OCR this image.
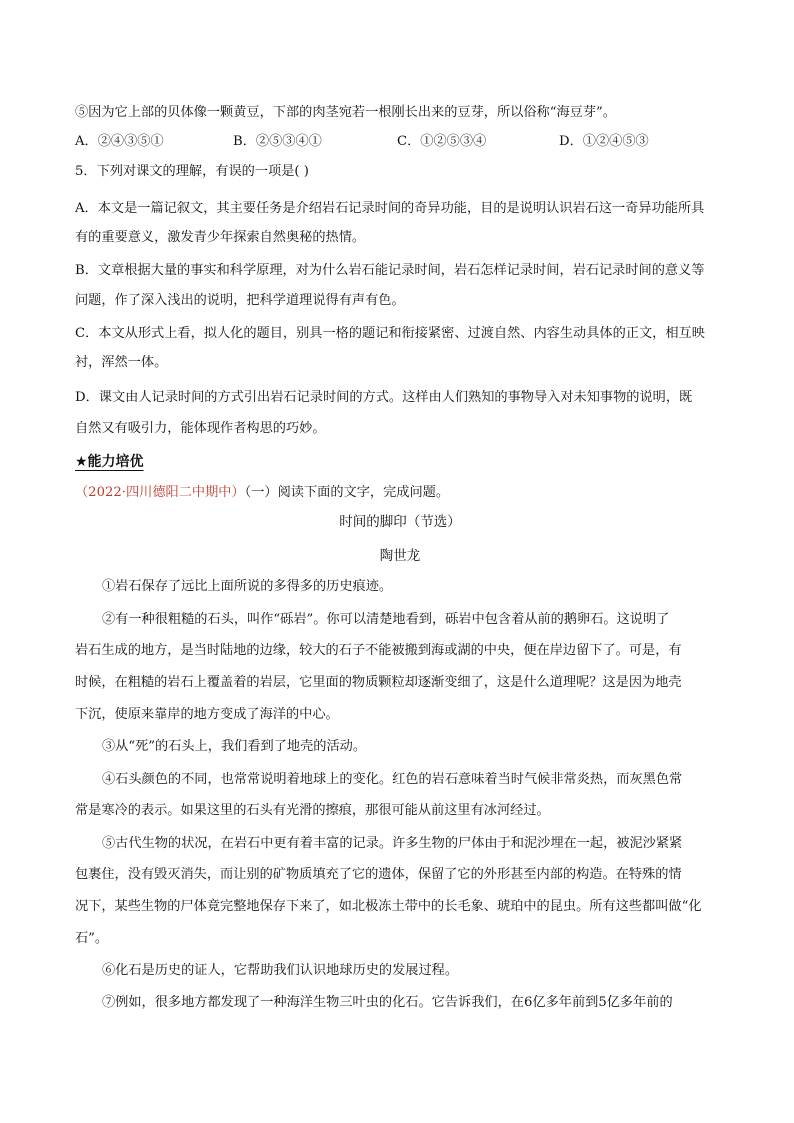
⑤因为它上部的贝体像一颗黄豆，下部的肉茎宛若一根刚长出来的豆芽，所以俗称“海豆芽”。
A．②④③⑤①	B．②⑤③④①	C．①②⑤③④	D．①②④⑤③
5．下列对课文的理解，有误的一项是( )
A．本文是一篇记叙文，其主要任务是介绍岩石记录时间的奇异功能，目的是说明认识岩石这一奇异功能所具
有的重要意义，激发青少年探索自然奥秘的热情。
B．文章根据大量的事实和科学原理，对为什么岩石能记录时间，岩石怎样记录时间，岩石记录时间的意义等
问题，作了深入浅出的说明，把科学道理说得有声有色。
C．本文从形式上看，拟人化的题目，别具一格的题记和衔接紧密、过渡自然、内容生动具体的正文，相互映
衬，浑然一体。
D．课文由人记录时间的方式引出岩石记录时间的方式。这样由人们熟知的事物导入对未知事物的说明，既
自然又有吸引力，能体现作者构思的巧妙。
★能力培优
（2022·四川德阳二中期中）（一）阅读下面的文字，完成问题。
时间的脚印（节选）
陶世龙
①岩石保存了远比上面所说的多得多的历史痕迹。
②有一种很粗糙的石头，叫作“砾岩”。你可以清楚地看到，砾岩中包含着从前的鹅卵石。这说明了
岩石生成的地方，是当时陆地的边缘，较大的石子不能被搬到海或湖的中央，便在岸边留下了。可是，有
时候，在粗糙的岩石上覆盖着的岩层，它里面的物质颗粒却逐渐变细了，这是什么道理呢？这是因为地壳
下沉，使原来靠岸的地方变成了海洋的中心。
③从“死”的石头上，我们看到了地壳的活动。
④石头颜色的不同，也常常说明着地球上的变化。红色的岩石意味着当时气候非常炎热，而灰黑色常
常是寒冷的表示。如果这里的石头有光滑的擦痕，那很可能从前这里有冰河经过。
⑤古代生物的状况，在岩石中更有着丰富的记录。许多生物的尸体由于和泥沙埋在一起，被泥沙紧紧
包裹住，没有毁灭消失，而让别的矿物质填充了它的遗体，保留了它的外形甚至内部的构造。在特殊的情
况下，某些生物的尸体竟完整地保存下来了，如北极冻土带中的长毛象、琥珀中的昆虫。所有这些都叫做“化
石”。
⑥化石是历史的证人，它帮助我们认识地球历史的发展过程。
⑦例如，很多地方都发现了一种海洋生物三叶虫的化石。它告诉我们，在6亿多年前到5亿多年前的
